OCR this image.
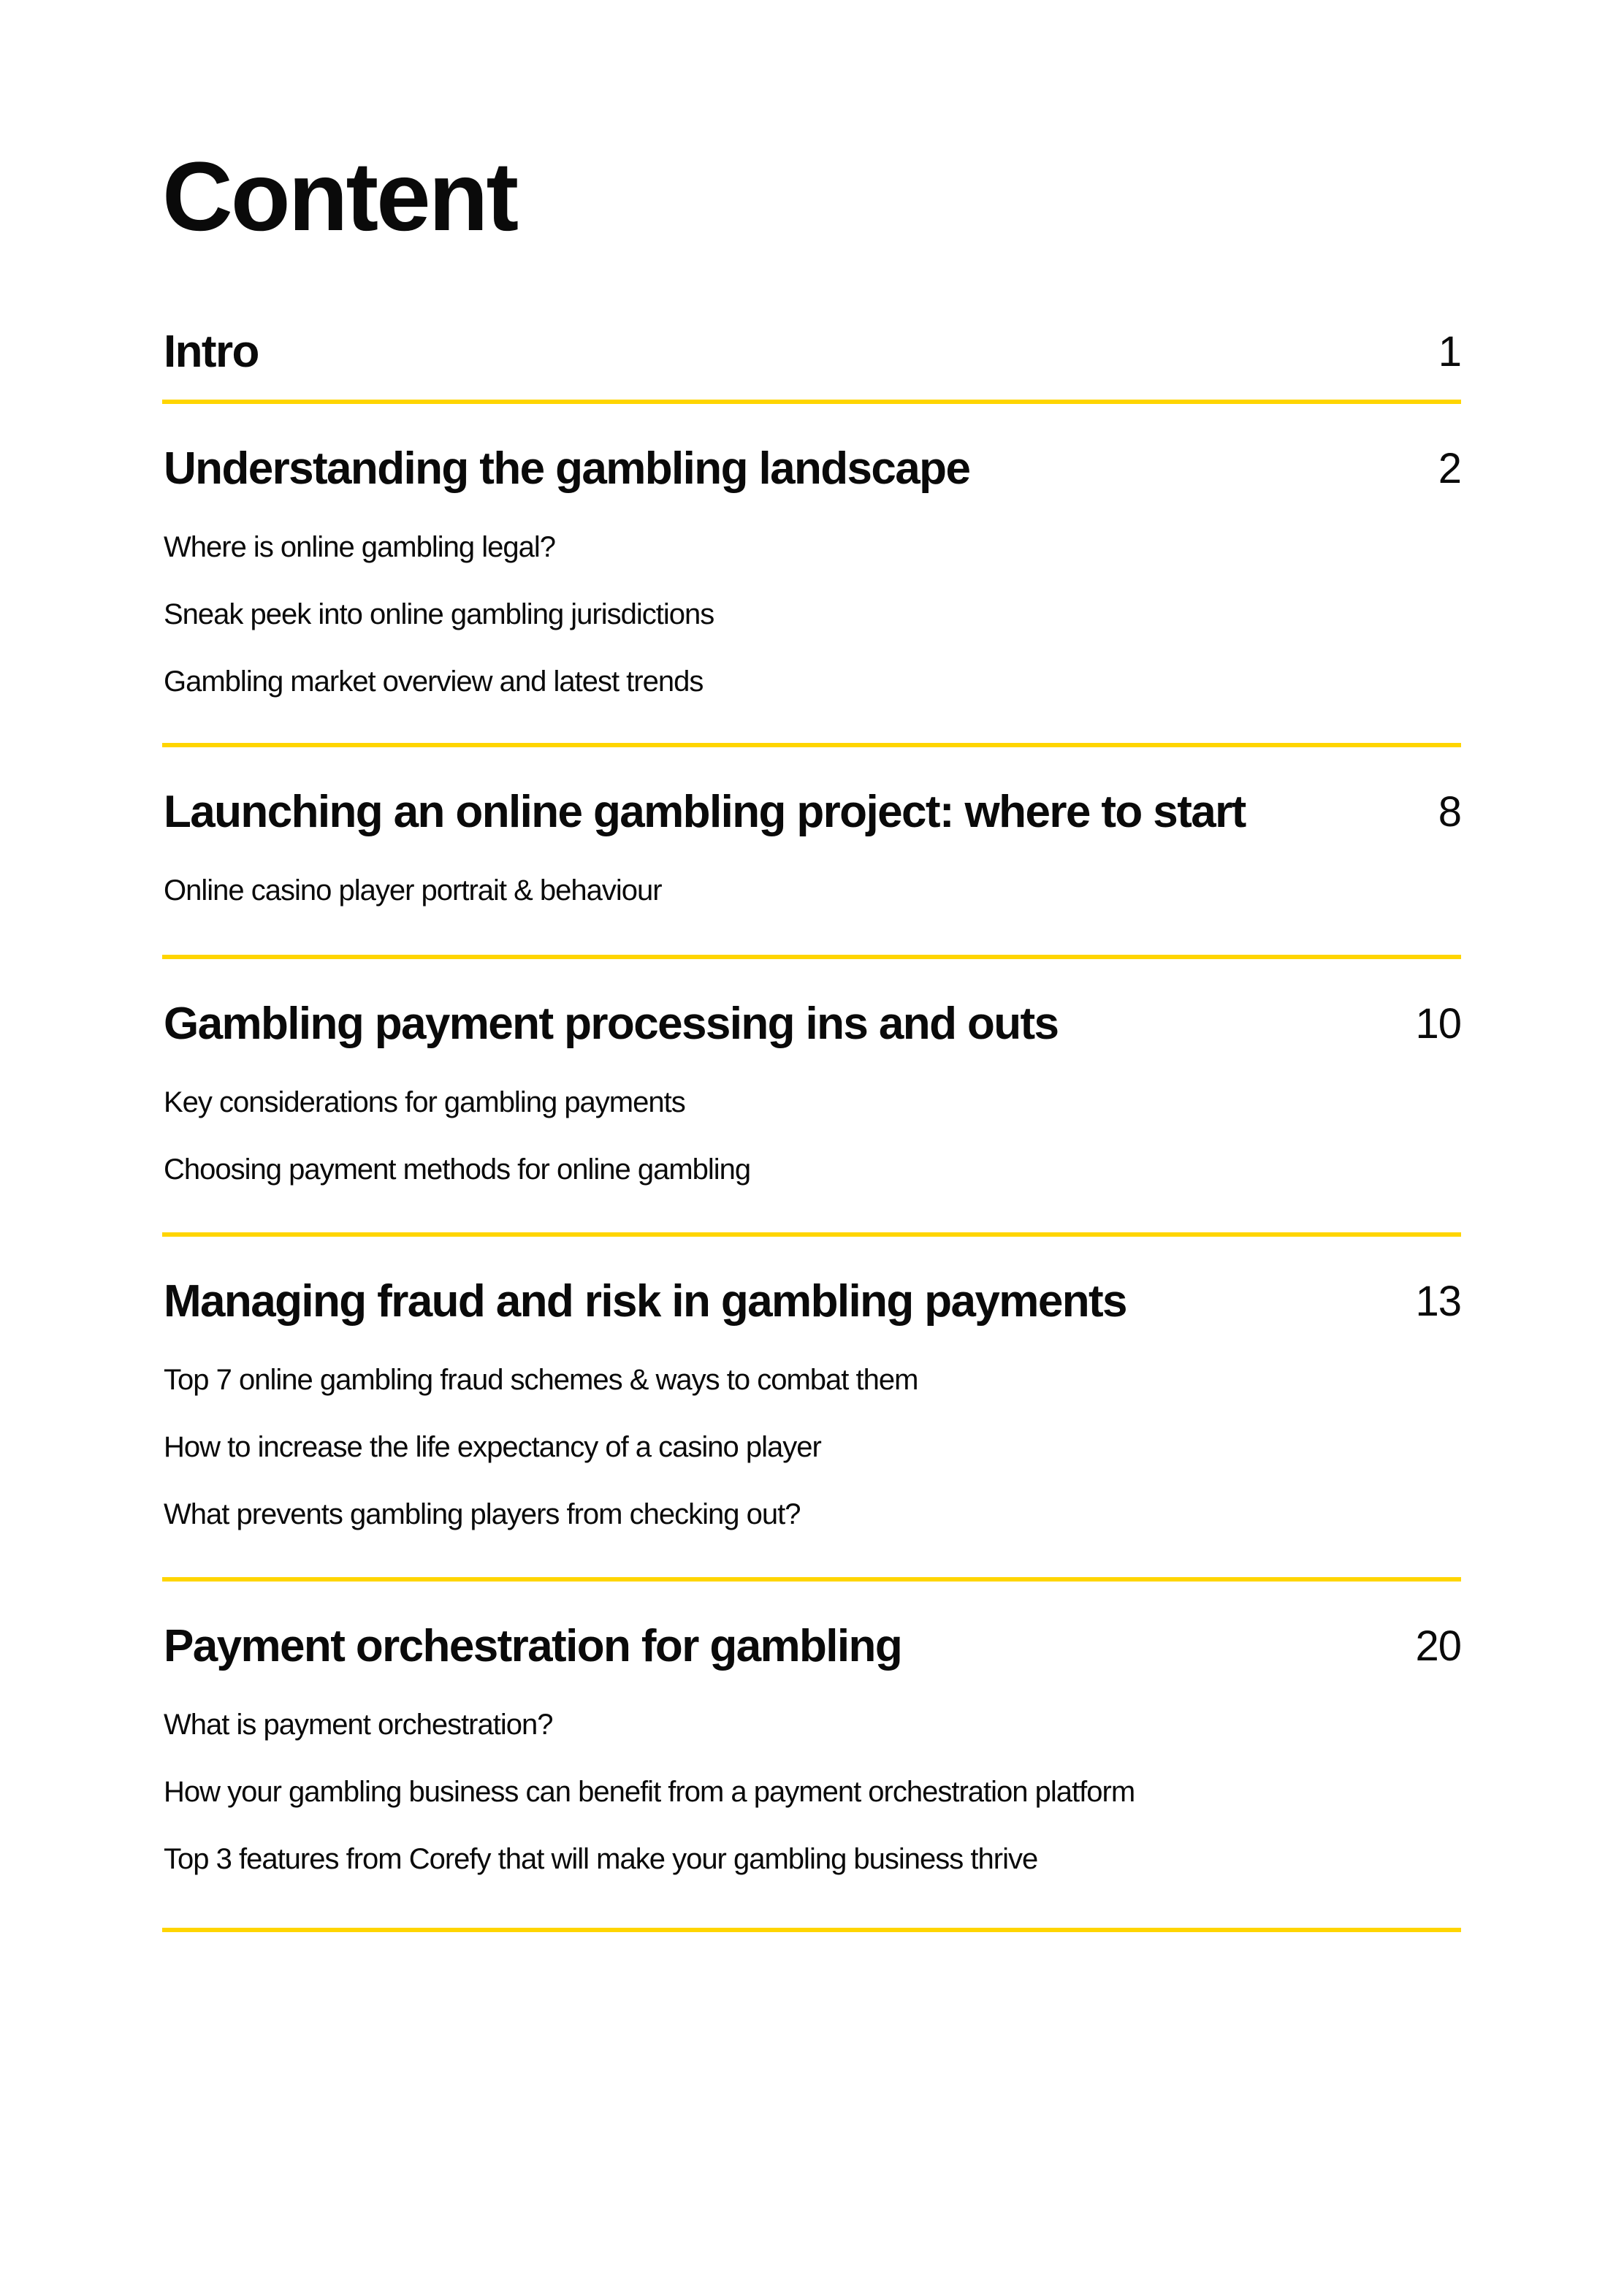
Content
Intro	1
Understanding the gambling landscape	2
Where is online gambling legal?
Sneak peek into online gambling jurisdictions
Gambling market overview and latest trends
Launching an online gambling project: where to start	8
Online casino player portrait & behaviour
Gambling payment processing ins and outs	10
Key considerations for gambling payments
Choosing payment methods for online gambling
Managing fraud and risk in gambling payments	13
Top 7 online gambling fraud schemes & ways to combat them
How to increase the life expectancy of a casino player
What prevents gambling players from checking out?
Payment orchestration for gambling	20
What is payment orchestration?
How your gambling business can benefit from a payment orchestration platform
Top 3 features from Corefy that will make your gambling business thrive
